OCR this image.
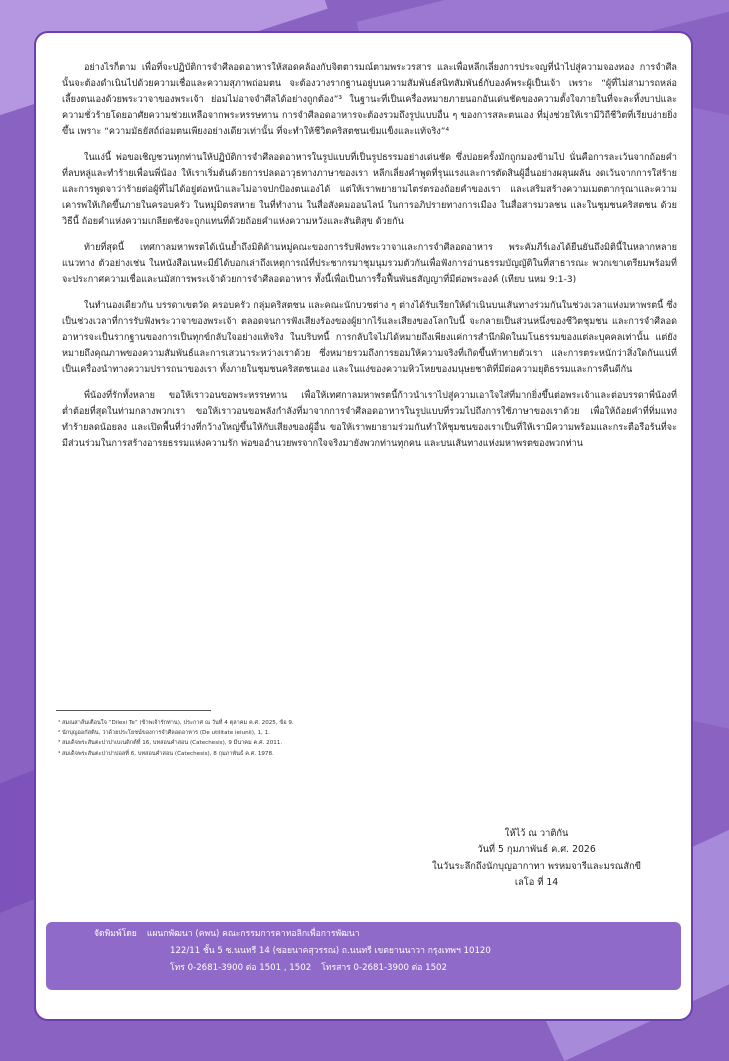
อย่างไรก็ตาม เพื่อที่จะปฏิบัติการจำศีลอดอาหารให้สอดคล้องกับจิตตารมณ์ตามพระวรสาร และเพื่อหลีกเลี่ยงการประจญที่นำไปสู่ความจองหอง การจำศีลนั้นจะต้องดำเนินไปด้วยความเชื่อและความสุภาพถ่อมตน จะต้องวางรากฐานอยู่บนความสัมพันธ์สนิทสัมพันธ์กับองค์พระผู้เป็นเจ้า เพราะ “ผู้ที่ไม่สามารถหล่อเลี้ยงตนเองด้วยพระวาจาของพระเจ้า ย่อมไม่อาจจำศีลได้อย่างถูกต้อง”³ ในฐานะที่เป็นเครื่องหมายภายนอกอันเด่นชัดของความตั้งใจภายในที่จะละทิ้งบาปและความชั่วร้ายโดยอาศัยความช่วยเหลือจากพระหรรษทาน การจำศีลอดอาหารจะต้องรวมถึงรูปแบบอื่น ๆ ของการสละตนเอง ที่มุ่งช่วยให้เรามีวิถีชีวิตที่เรียบง่ายยิ่งขึ้น เพราะ “ความมัธยัสถ์ถ่อมตนเพียงอย่างเดียวเท่านั้น ที่จะทำให้ชีวิตคริสตชนเข้มแข็งและแท้จริง”⁴

ในแง่นี้ พ่อขอเชิญชวนทุกท่านให้ปฏิบัติการจำศีลอดอาหารในรูปแบบที่เป็นรูปธรรมอย่างเด่นชัด ซึ่งบ่อยครั้งมักถูกมองข้ามไป นั่นคือการละเว้นจากถ้อยคำที่ลบหลู่และทำร้ายเพื่อนพี่น้อง ให้เราเริ่มต้นด้วยการปลดอาวุธทางภาษาของเรา หลีกเลี่ยงคำพูดที่รุนแรงและการตัดสินผู้อื่นอย่างผลุนผลัน งดเว้นจากการใส่ร้ายและการพูดจาว่าร้ายต่อผู้ที่ไม่ได้อยู่ต่อหน้าและไม่อาจปกป้องตนเองได้ แต่ให้เราพยายามไตร่ตรองถ้อยคำของเรา และเสริมสร้างความเมตตากรุณาและความเคารพให้เกิดขึ้นภายในครอบครัว ในหมู่มิตรสหาย ในที่ทำงาน ในสื่อสังคมออนไลน์ ในการอภิปรายทางการเมือง ในสื่อสารมวลชน และในชุมชนคริสตชน ด้วยวิธีนี้ ถ้อยคำแห่งความเกลียดชังจะถูกแทนที่ด้วยถ้อยคำแห่งความหวังและสันติสุข ด้วยกัน

ท้ายที่สุดนี้ เทศกาลมหาพรตได้เน้นย้ำถึงมิติด้านหมู่คณะของการรับฟังพระวาจาและการจำศีลอดอาหาร พระคัมภีร์เองได้ยืนยันถึงมิตินี้ในหลากหลายแนวทาง ตัวอย่างเช่น ในหนังสือเนหะมีย์ได้บอกเล่าถึงเหตุการณ์ที่ประชากรมาชุมนุมรวมตัวกันเพื่อฟังการอ่านธรรมบัญญัติในที่สาธารณะ พวกเขาเตรียมพร้อมที่จะประกาศความเชื่อและนมัสการพระเจ้าด้วยการจำศีลอดอาหาร ทั้งนี้เพื่อเป็นการรื้อฟื้นพันธสัญญาที่มีต่อพระองค์ (เทียบ นหม 9:1-3)

ในทำนองเดียวกัน บรรดาเขตวัด ครอบครัว กลุ่มคริสตชน และคณะนักบวชต่าง ๆ ต่างได้รับเรียกให้ดำเนินบนเส้นทางร่วมกันในช่วงเวลาแห่งมหาพรตนี้ ซึ่งเป็นช่วงเวลาที่การรับฟังพระวาจาของพระเจ้า ตลอดจนการฟังเสียงร้องของผู้ยากไร้และเสียงของโลกใบนี้ จะกลายเป็นส่วนหนึ่งของชีวิตชุมชน และการจำศีลอดอาหารจะเป็นรากฐานของการเป็นทุกข์กลับใจอย่างแท้จริง ในบริบทนี้ การกลับใจไม่ได้หมายถึงเพียงแค่การสำนึกผิดในมโนธรรมของแต่ละบุคคลเท่านั้น แต่ยังหมายถึงคุณภาพของความสัมพันธ์และการเสวนาระหว่างเราด้วย ซึ่งหมายรวมถึงการยอมให้ความจริงที่เกิดขึ้นท้าทายตัวเรา และการตระหนักว่าสิ่งใดกันแน่ที่เป็นเครื่องนำทางความปรารถนาของเรา ทั้งภายในชุมชนคริสตชนเอง และในแง่ของความหิวโหยของมนุษยชาติที่มีต่อความยุติธรรมและการคืนดีกัน

พี่น้องที่รักทั้งหลาย ขอให้เราวอนขอพระหรรษทาน เพื่อให้เทศกาลมหาพรตนี้ก้าวนำเราไปสู่ความเอาใจใส่ที่มากยิ่งขึ้นต่อพระเจ้าและต่อบรรดาพี่น้องที่ต่ำต้อยที่สุดในท่ามกลางพวกเรา ขอให้เราวอนขอพลังกำลังที่มาจากการจำศีลอดอาหารในรูปแบบที่รวมไปถึงการใช้ภาษาของเราด้วย เพื่อให้ถ้อยคำที่ทิ่มแทงทำร้ายลดน้อยลง และเปิดพื้นที่ว่างที่กว้างใหญ่ขึ้นให้กับเสียงของผู้อื่น ขอให้เราพยายามร่วมกันทำให้ชุมชนของเราเป็นที่ให้เรามีความพร้อมและกระตือรือร้นที่จะมีส่วนร่วมในการสร้างอารยธรรมแห่งความรัก พ่อขออำนวยพรจากใจจริงมายังพวกท่านทุกคน และบนเส้นทางแห่งมหาพรตของพวกท่าน

¹ สมณสาส์นเตือนใจ “Dilexi Te” (ข้าพเจ้ารักท่าน), ประกาศ ณ วันที่ 4 ตุลาคม ค.ศ. 2025, ข้อ 9.
² นักบุญออกัสติน, ว่าด้วยประโยชน์ของการจำศีลอดอาหาร (De utilitate ieiunii), 1, 1.
³ สมเด็จพระสันตะปาปาเบเนดิกต์ที่ 16, บทสอนคำสอน (Catechesis), 9 มีนาคม ค.ศ. 2011.
⁴ สมเด็จพระสันตะปาปาปอลที่ 6, บทสอนคำสอน (Catechesis), 8 กุมภาพันธ์ ค.ศ. 1978.
ให้ไว้ ณ วาติกัน
วันที่ 5 กุมภาพันธ์ ค.ศ. 2026
ในวันระลึกถึงนักบุญอากาทา พรหมจารีและมรณสักขี
เลโอ ที่ 14
จัดพิมพ์โดย แผนกพัฒนา (คพน) คณะกรรมการคาทอลิกเพื่อการพัฒนา
122/11 ชั้น 5 ซ.นนทรี 14 (ซอยนาคสุวรรณ) ถ.นนทรี เขตยานนาวา กรุงเทพฯ 10120
โทร 0-2681-3900 ต่อ 1501 , 1502 โทรสาร 0-2681-3900 ต่อ 1502
